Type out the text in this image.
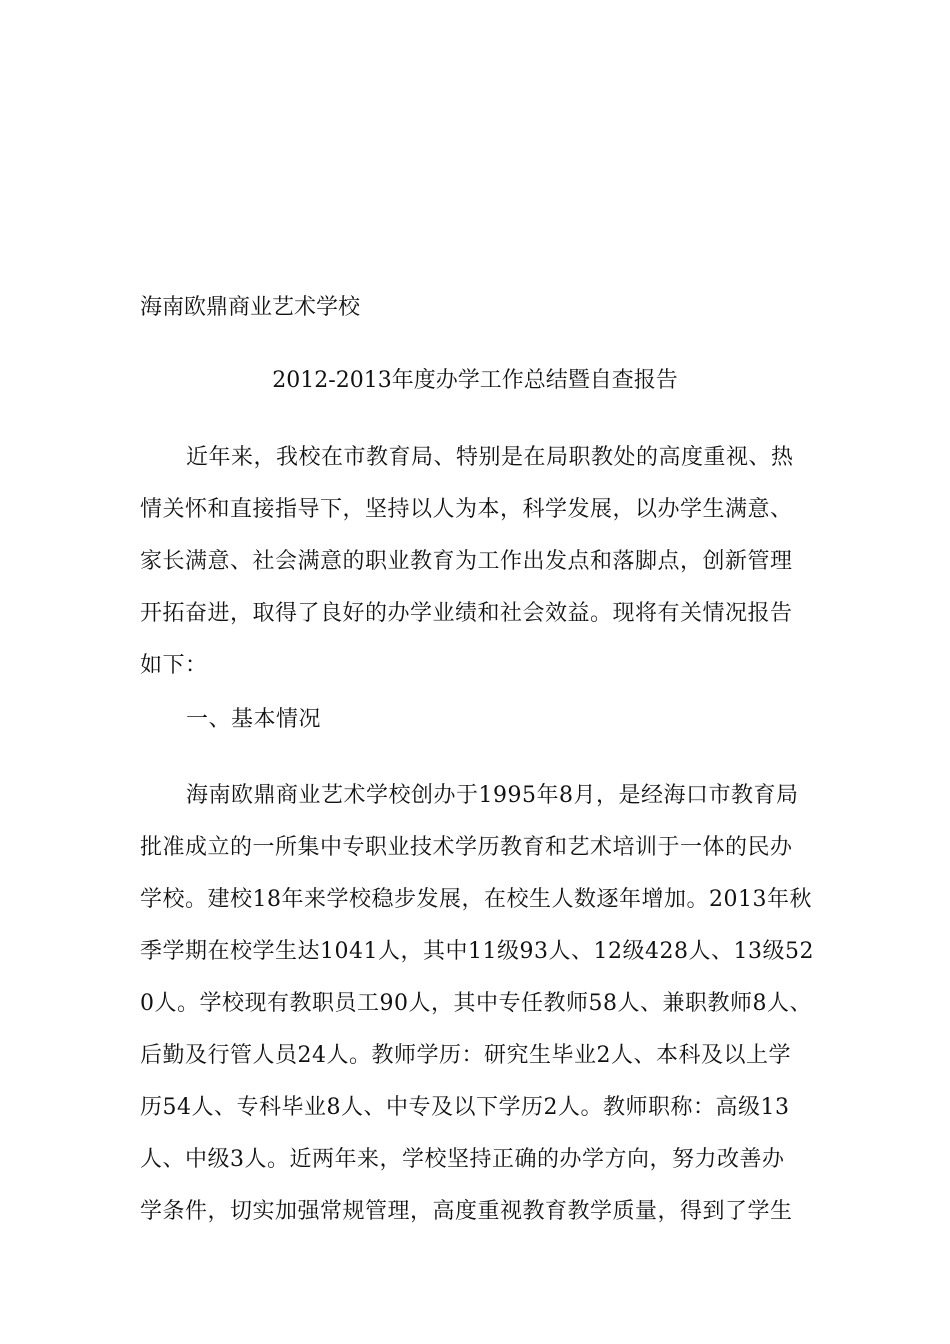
海南欧鼎商业艺术学校
2012-2013年度办学工作总结暨自查报告
近年来，我校在市教育局、特别是在局职教处的高度重视、热
情关怀和直接指导下，坚持以人为本，科学发展，以办学生满意、
家长满意、社会满意的职业教育为工作出发点和落脚点，创新管理
开拓奋进，取得了良好的办学业绩和社会效益。现将有关情况报告
如下：
一、基本情况
海南欧鼎商业艺术学校创办于1995年8月，是经海口市教育局
批准成立的一所集中专职业技术学历教育和艺术培训于一体的民办
学校。建校18年来学校稳步发展，在校生人数逐年增加。2013年秋
季学期在校学生达1041人，其中11级93人、12级428人、13级52
0人。学校现有教职员工90人，其中专任教师58人、兼职教师8人、
后勤及行管人员24人。教师学历：研究生毕业2人、本科及以上学
历54人、专科毕业8人、中专及以下学历2人。教师职称：高级13
人、中级3人。近两年来，学校坚持正确的办学方向，努力改善办
学条件，切实加强常规管理，高度重视教育教学质量，得到了学生
